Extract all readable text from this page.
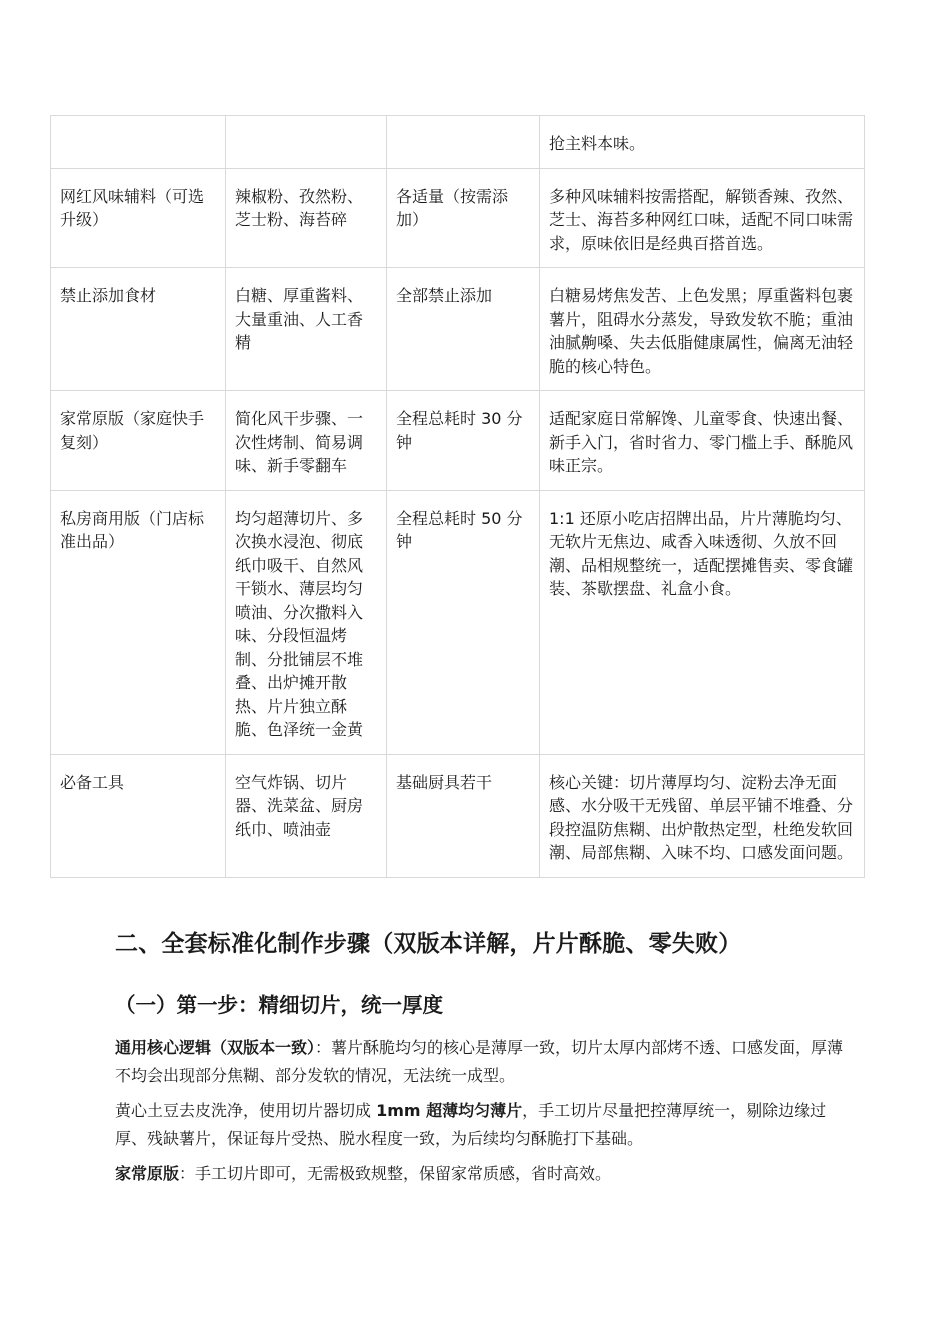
			抢主料本味。
网红风味辅料（可选升级）	辣椒粉、孜然粉、芝士粉、海苔碎	各适量（按需添加）	多种风味辅料按需搭配，解锁香辣、孜然、芝士、海苔多种网红口味，适配不同口味需求，原味依旧是经典百搭首选。
禁止添加食材	白糖、厚重酱料、大量重油、人工香精	全部禁止添加	白糖易烤焦发苦、上色发黑；厚重酱料包裹薯片，阻碍水分蒸发，导致发软不脆；重油油腻齁嗓、失去低脂健康属性，偏离无油轻脆的核心特色。
家常原版（家庭快手复刻）	简化风干步骤、一次性烤制、简易调味、新手零翻车	全程总耗时 30 分钟	适配家庭日常解馋、儿童零食、快速出餐、新手入门，省时省力、零门槛上手、酥脆风味正宗。
私房商用版（门店标准出品）	均匀超薄切片、多次换水浸泡、彻底纸巾吸干、自然风干锁水、薄层均匀喷油、分次撒料入味、分段恒温烤制、分批铺层不堆叠、出炉摊开散热、片片独立酥脆、色泽统一金黄	全程总耗时 50 分钟	1:1 还原小吃店招牌出品，片片薄脆均匀、无软片无焦边、咸香入味透彻、久放不回潮、品相规整统一，适配摆摊售卖、零食罐装、茶歇摆盘、礼盒小食。
必备工具	空气炸锅、切片器、洗菜盆、厨房纸巾、喷油壶	基础厨具若干	核心关键：切片薄厚均匀、淀粉去净无面感、水分吸干无残留、单层平铺不堆叠、分段控温防焦糊、出炉散热定型，杜绝发软回潮、局部焦糊、入味不均、口感发面问题。
二、全套标准化制作步骤（双版本详解，片片酥脆、零失败）
（一）第一步：精细切片，统一厚度

通用核心逻辑（双版本一致）：薯片酥脆均匀的核心是薄厚一致，切片太厚内部烤不透、口感发面，厚薄不均会出现部分焦糊、部分发软的情况，无法统一成型。

黄心土豆去皮洗净，使用切片器切成 1mm 超薄均匀薄片，手工切片尽量把控薄厚统一，剔除边缘过厚、残缺薯片，保证每片受热、脱水程度一致，为后续均匀酥脆打下基础。

家常原版：手工切片即可，无需极致规整，保留家常质感，省时高效。
